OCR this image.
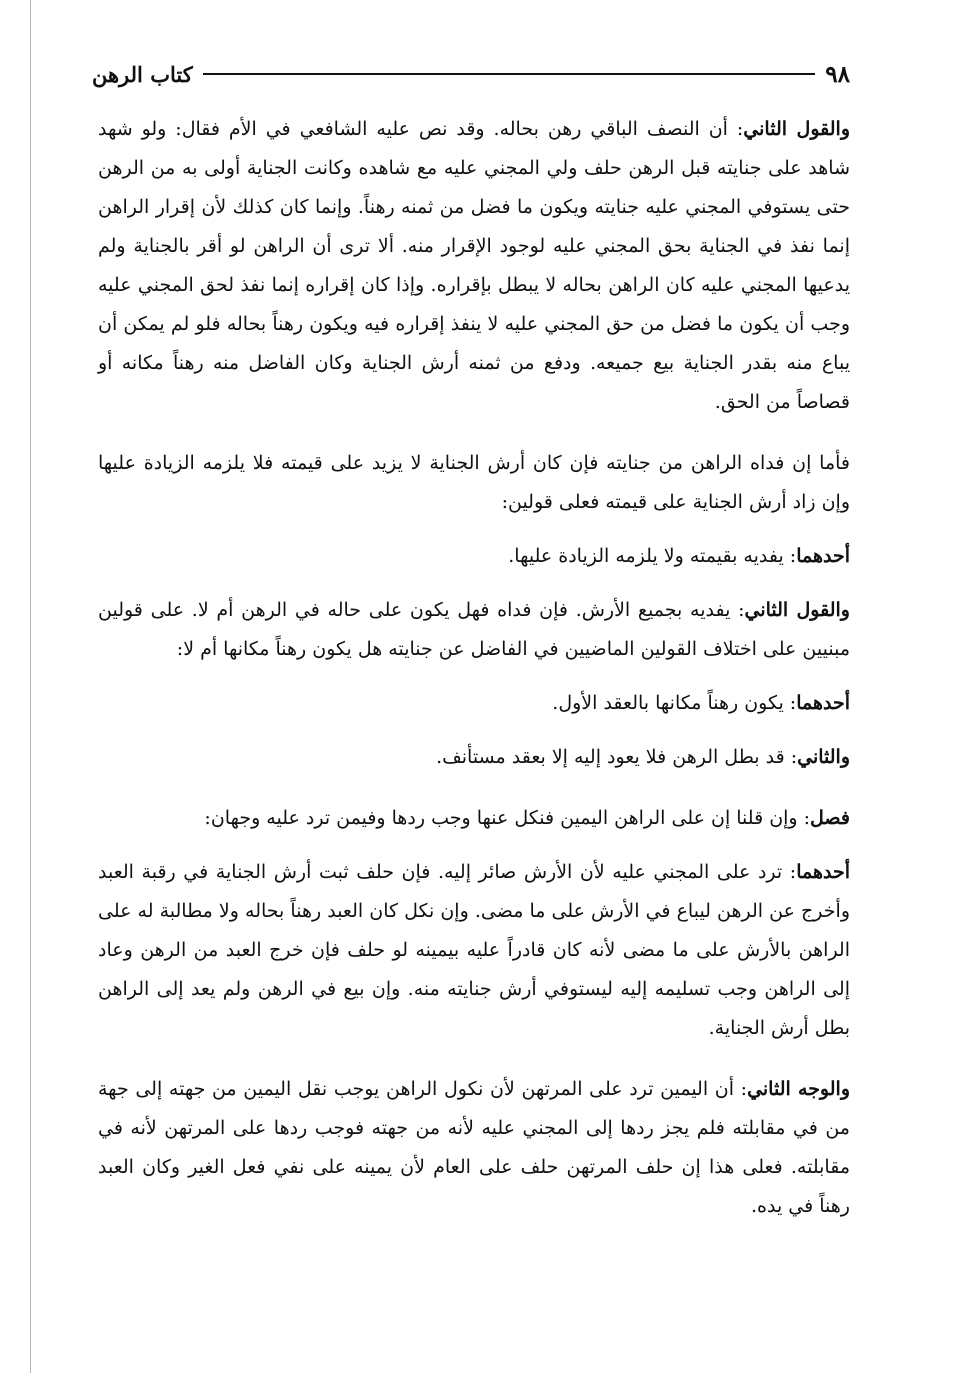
كتاب الرهن	٩٨

والقول الثاني: أن النصف الباقي رهن بحاله. وقد نص عليه الشافعي في الأم فقال: ولو شهد شاهد على جنايته قبل الرهن حلف ولي المجني عليه مع شاهده وكانت الجناية أولى به من الرهن حتى يستوفي المجني عليه جنايته ويكون ما فضل من ثمنه رهناً. وإنما كان كذلك لأن إقرار الراهن إنما نفذ في الجناية بحق المجني عليه لوجود الإقرار منه. ألا ترى أن الراهن لو أقر بالجناية ولم يدعيها المجني عليه كان الراهن بحاله لا يبطل بإقراره. وإذا كان إقراره إنما نفذ لحق المجني عليه وجب أن يكون ما فضل من حق المجني عليه لا ينفذ إقراره فيه ويكون رهناً بحاله فلو لم يمكن أن يباع منه بقدر الجناية بيع جميعه. ودفع من ثمنه أرش الجناية وكان الفاضل منه رهناً مكانه أو قصاصاً من الحق.

فأما إن فداه الراهن من جنايته فإن كان أرش الجناية لا يزيد على قيمته فلا يلزمه الزيادة عليها وإن زاد أرش الجناية على قيمته فعلى قولين:

أحدهما: يفديه بقيمته ولا يلزمه الزيادة عليها.

والقول الثاني: يفديه بجميع الأرش. فإن فداه فهل يكون على حاله في الرهن أم لا. على قولين مبنيين على اختلاف القولين الماضيين في الفاضل عن جنايته هل يكون رهناً مكانها أم لا:

أحدهما: يكون رهناً مكانها بالعقد الأول.

والثاني: قد بطل الرهن فلا يعود إليه إلا بعقد مستأنف.

فصل: وإن قلنا إن على الراهن اليمين فنكل عنها وجب ردها وفيمن ترد عليه وجهان:

أحدهما: ترد على المجني عليه لأن الأرش صائر إليه. فإن حلف ثبت أرش الجناية في رقبة العبد وأخرج عن الرهن ليباع في الأرش على ما مضى. وإن نكل كان العبد رهناً بحاله ولا مطالبة له على الراهن بالأرش على ما مضى لأنه كان قادراً عليه بيمينه لو حلف فإن خرج العبد من الرهن وعاد إلى الراهن وجب تسليمه إليه ليستوفي أرش جنايته منه. وإن بيع في الرهن ولم يعد إلى الراهن بطل أرش الجناية.

والوجه الثاني: أن اليمين ترد على المرتهن لأن نكول الراهن يوجب نقل اليمين من جهته إلى جهة من في مقابلته فلم يجز ردها إلى المجني عليه لأنه من جهته فوجب ردها على المرتهن لأنه في مقابلته. فعلى هذا إن حلف المرتهن حلف على العام لأن يمينه على نفي فعل الغير وكان العبد رهناً في يده.
